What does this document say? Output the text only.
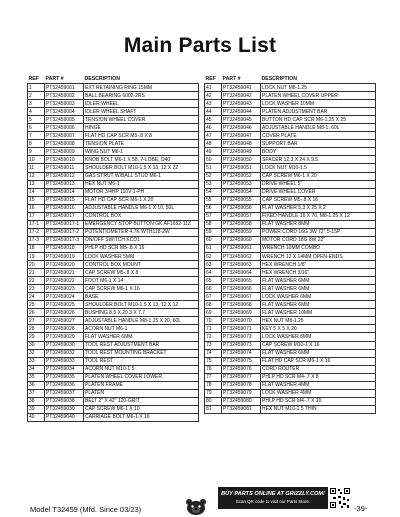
Main Parts List
REF	PART #	DESCRIPTION
1	PT32459001	EXT RETAINING RING 15MM
2	PT32459002	BALL BEARING 6002-2RS
3	PT32459003	IDLER WHEEL
4	PT32459004	IDLER WHEEL SHAFT
5	PT32459005	TENSION WHEEL COVER
6	PT32459006	HINGE
7	PT32459007	FLAT HD CAP SCR M5-.8 X 8
8	PT32459008	TENSION PLATE
9	PT32459009	WING NUT M6-1
10	PT32459010	KNOB BOLT M6-1 X 58, 7-LOBE, D40
11	PT32459011	SHOULDER BOLT M10-1.5 X 13, 12 X 22
12	PT32459012	GAS STRUT W/BALL STUD M6-1
13	PT32459013	HEX NUT M6-1
14	PT32459014	MOTOR 3/4HP 110V 1-PH
15	PT32459015	FLAT HD CAP SCR M6-1 X 20
16	PT32459016	ADJUSTABLE HANDLE M6-1 X 10, 50L
17	PT32459017	CONTROL BOX
17-1	PT32459017-1	EMERGENCY STOP BUTTON GK AF1652-11Z
17-2	PT32459017-2	POTENTIOMETER 4.7K WTH118-2W
17-3	PT32459017-3	ON/OFF SWITCH KCD1
18	PT32459018	PHLP HD SCR M5-.8 X 16
19	PT32459019	LOCK WASHER 5MM
20	PT32459020	CONTROL BOX MOUNT
21	PT32459021	CAP SCREW M5-.8 X 8
22	PT32459022	FOOT M6-1 X 14
23	PT32459023	CAP SCREW M6-1 X 16
24	PT32459024	BASE
25	PT32459025	SHOULDER BOLT M10-1.5 X 13, 12 X 12
26	PT32459026	BUSHING 8.5 X 20.3 X 7.7
27	PT32459027	ADJUSTABLE HANDLE M8-1.25 X 20, 60L
28	PT32459028	ACORN NUT M6-1
29	PT32459029	FLAT WASHER 6MM
30	PT32459030	TOOL REST ADJUSTMENT BAR
32	PT32459032	TOOL REST MOUNTING BRACKET
33	PT32459033	TOOL REST
34	PT32459034	ACORN NUT M10-1.5
35	PT32459035	PLATEN WHEEL COVER LOWER
36	PT32459036	PLATEN FRAME
37	PT32459037	PLATEN
38	PT32459038	BELT 2" X 42" 120-GRIT
39	PT32459039	CAP SCREW M6-1 X 10
40	PT32459040	CARRIAGE BOLT M6-1 X 16
REF	PART #	DESCRIPTION
41	PT32459041	LOCK NUT M8-1.25
42	PT32459042	PLATEN WHEEL COVER UPPER
43	PT32459043	LOCK WASHER 10MM
44	PT32459044	PLATEN ADJUSTMENT BAR
45	PT32459045	BUTTON HD CAP SCR M6-1.25 X 25
46	PT32459046	ADJUSTABLE HANDLE M8-1, 60L
47	PT32459047	COVER PLATE
48	PT32459048	SUPPORT BAR
49	PT32459049	BODY
50	PT32459050	SPACER 12.3 X 24 X 9.5
51	PT32459051	LOCK NUT M10-1.5
52	PT32459052	CAP SCREW M6-1 X 20
53	PT32459053	DRIVE WHEEL 5"
54	PT32459054	DRIVE WHEEL COVER
55	PT32459055	CAP SCREW M5-.8 X 16
56	PT32459056	FLAT WASHER 5.3 X 25 X 2
57	PT32459057	FIXED HANDLE 16 X 70, M8-1.25 X 12
58	PT32459058	FLAT WASHER 8MM
59	PT32459059	POWER CORD 16G 3W 72" 5-15P
60	PT32459060	MOTOR CORD 18G 8W 22"
61	PT32459061	WRENCH 10MM COMBO
62	PT32459062	WRENCH 12 X 14MM OPEN-ENDS
63	PT32459063	HEX WRENCH 1/8"
64	PT32459064	HEX WRENCH 3/16"
65	PT32459065	FLAT WASHER 6MM
66	PT32459066	FLAT WASHER 6MM
67	PT32459067	LOCK WASHER 6MM
68	PT32459068	FLAT WASHER 6MM
69	PT32459069	FLAT WASHER 10MM
70	PT32459070	HEX NUT M8-1.25
71	PT32459071	KEY 5 X 5 X 20
72	PT32459072	LOCK WASHER 8MM
73	PT32459073	CAP SCREW M10-1 X 16
74	PT32459074	FLAT WASHER 6MM
75	PT32459075	FLAT HD CAP SCR M6-1 X 16
76	PT32459076	CORD ROUTER
77	PT32459077	PHLP HD SCR M4-.7 X 8
78	PT32459078	FLAT WASHER 4MM
79	PT32459079	LOCK WASHER 4MM
80	PT32459080	PHLP HD SCR M4-.7 X 10
81	PT32459081	HEX NUT M10-1.5 THIN
Model T32459 (Mfd. Since 03/23)
BUY PARTS ONLINE AT GRIZZLY.COM!
Scan QR code to visit our Parts Store.
-39-
